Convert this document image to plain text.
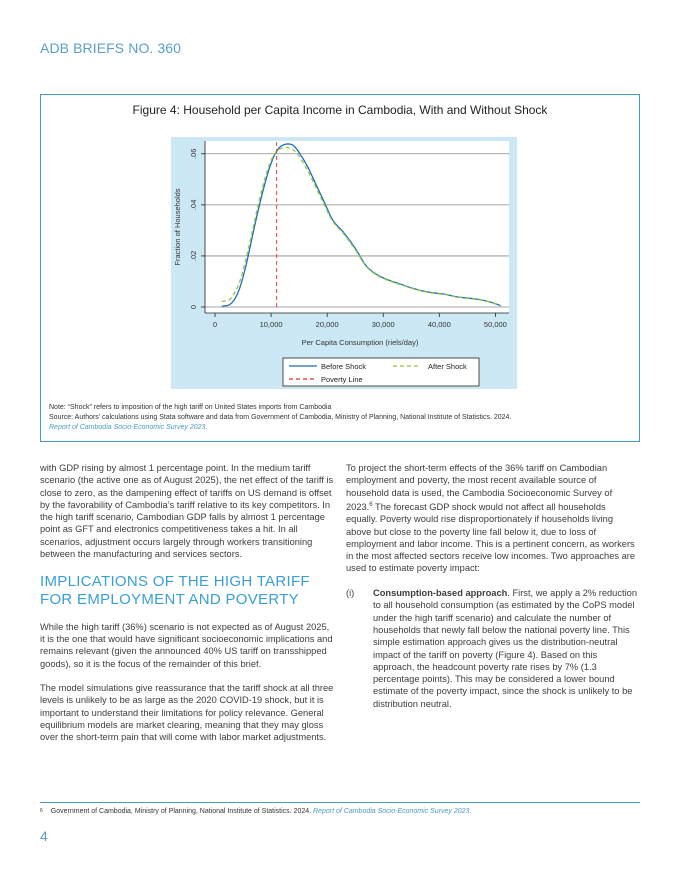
ADB BRIEFS NO. 360
Figure 4: Household per Capita Income in Cambodia, With and Without Shock
0
.02
.04
.06
0	10,000	20,000	30,000	40,000	50,000
Fraction of Households
Per Capita Consumption (riels/day)
Before Shock	After Shock
Poverty Line
Note: “Shock” refers to imposition of the high tariff on United States imports from Cambodia
Source: Authors’ calculations using Stata software and data from Government of Cambodia, Ministry of Planning, National Institute of Statistics. 2024.
Report of Cambodia Socio-Economic Survey 2023.

with GDP rising by almost 1 percentage point. In the medium tariff scenario (the active one as of August 2025), the net effect of the tariff is close to zero, as the dampening effect of tariffs on US demand is offset by the favorability of Cambodia’s tariff relative to its key competitors. In the high tariff scenario, Cambodian GDP falls by almost 1 percentage point as GFT and electronics competitiveness takes a hit. In all scenarios, adjustment occurs largely through workers transitioning between the manufacturing and services sectors.

IMPLICATIONS OF THE HIGH TARIFF FOR EMPLOYMENT AND POVERTY

While the high tariff (36%) scenario is not expected as of August 2025, it is the one that would have significant socioeconomic implications and remains relevant (given the announced 40% US tariff on transshipped goods), so it is the focus of the remainder of this brief.

The model simulations give reassurance that the tariff shock at all three levels is unlikely to be as large as the 2020 COVID-19 shock, but it is important to understand their limitations for policy relevance. General equilibrium models are market clearing, meaning that they may gloss over the short-term pain that will come with labor market adjustments.

To project the short-term effects of the 36% tariff on Cambodian employment and poverty, the most recent available source of household data is used, the Cambodia Socioeconomic Survey of 2023.$^6$ The forecast GDP shock would not affect all households equally. Poverty would rise disproportionately if households living above but close to the poverty line fall below it, due to loss of employment and labor income. This is a pertinent concern, as workers in the most affected sectors receive low incomes. Two approaches are used to estimate poverty impact:

(i)	Consumption-based approach. First, we apply a 2% reduction to all household consumption (as estimated by the CoPS model under the high tariff scenario) and calculate the number of households that newly fall below the national poverty line. This simple estimation approach gives us the distribution-neutral impact of the tariff on poverty (Figure 4). Based on this approach, the headcount poverty rate rises by 7% (1.3 percentage points). This may be considered a lower bound estimate of the poverty impact, since the shock is unlikely to be distribution neutral.
$^6$ Government of Cambodia, Ministry of Planning, National Institute of Statistics. 2024. Report of Cambodia Socio-Economic Survey 2023.
4
